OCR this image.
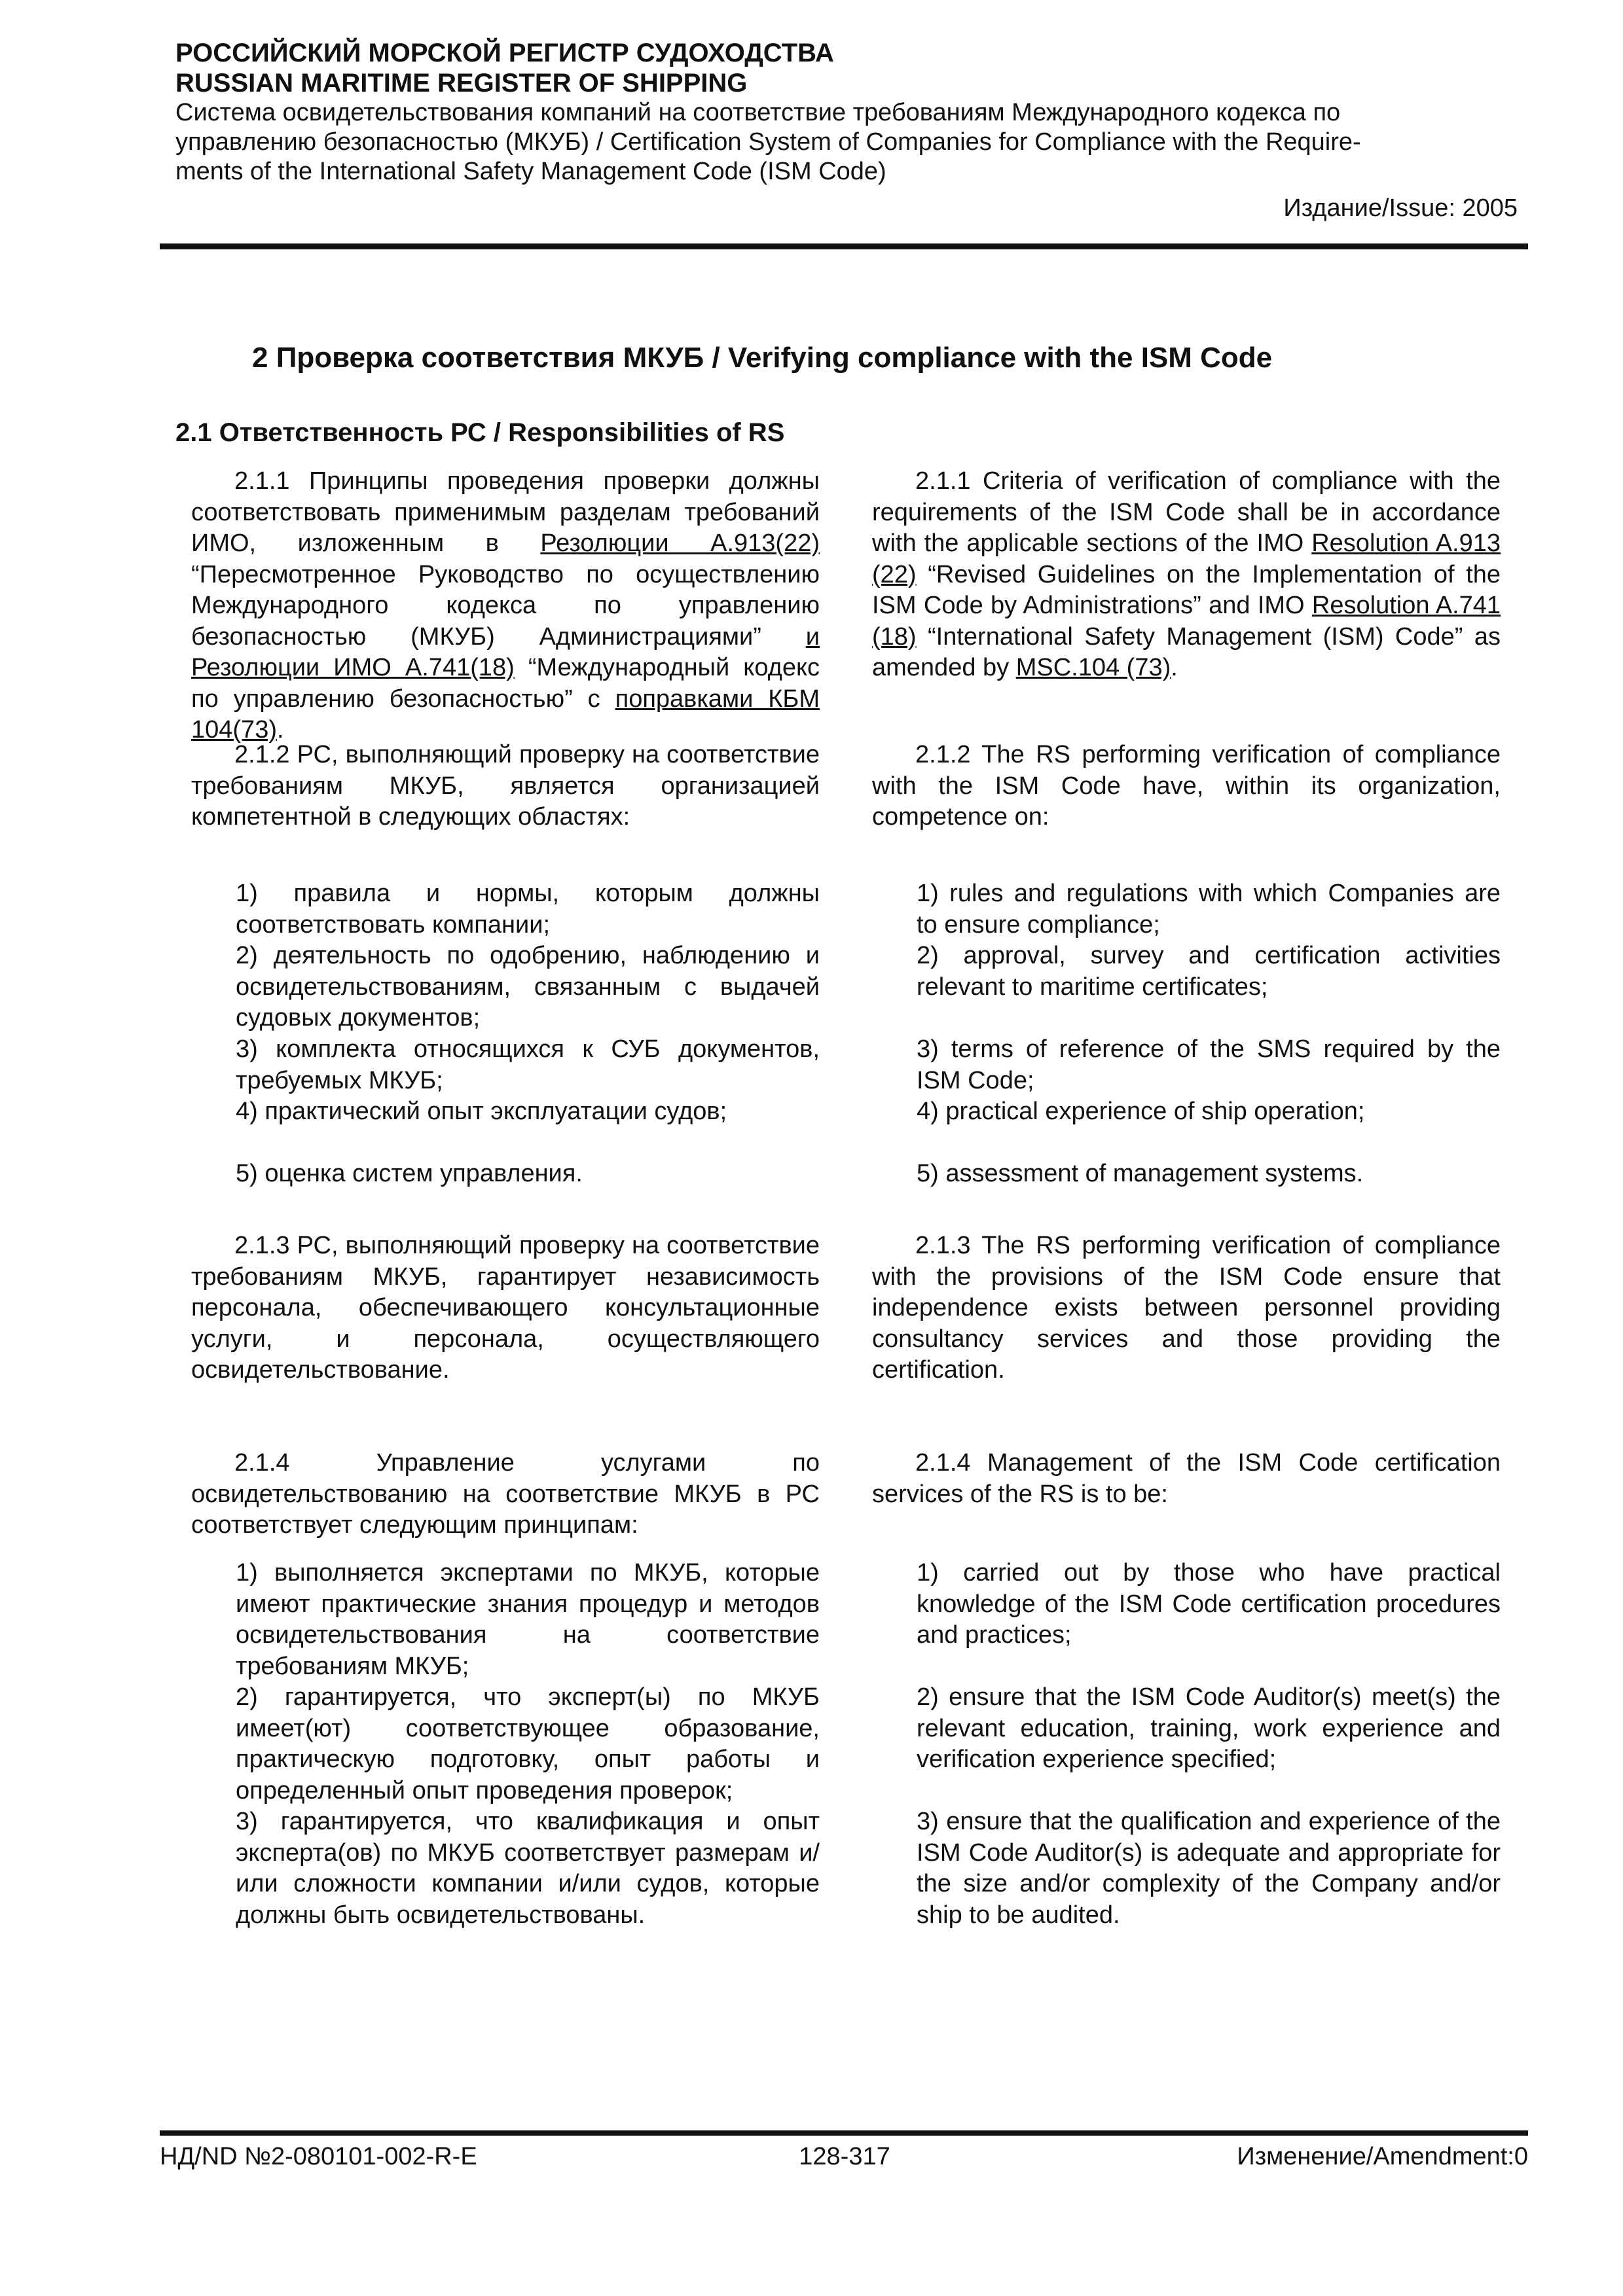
РОССИЙСКИЙ МОРСКОЙ РЕГИСТР СУДОХОДСТВА

RUSSIAN MARITIME REGISTER OF SHIPPING

Система освидетельствования компаний на соответствие требованиям Международного кодекса по

управлению безопасностью (МКУБ) / Certification System of Companies for Compliance with the Require-

ments of the International Safety Management Code (ISM Code)

Издание/Issue: 2005
2 Проверка соответствия МКУБ / Verifying compliance with the ISM Code
2.1 Ответственность РС / Responsibilities of RS

2.1.1 Принципы проведения проверки должны соответствовать применимым разделам требований ИМО, изложенным в Резолюции А.913(22) “Пересмотренное Руководство по осуществлению Международного кодекса по управлению безопасностью (МКУБ) Администрациями” и Резолюции ИМО А.741(18) “Международный кодекс по управлению безопасностью” с поправками КБМ 104(73).

2.1.1 Criteria of verification of compliance with the requirements of the ISM Code shall be in accordance with the applicable sections of the IMO Resolution A.913 (22) “Revised Guidelines on the Implementation of the ISM Code by Administrations” and IMO Resolution A.741 (18) “International Safety Management (ISM) Code” as amended by MSC.104 (73).

2.1.2 РС, выполняющий проверку на соответствие требованиям МКУБ, является организацией компетентной в следующих областях:

2.1.2 The RS performing verification of compliance with the ISM Code have, within its organization, competence on:

1) правила и нормы, которым должны соответствовать компании;

2) деятельность по одобрению, наблюдению и освидетельствованиям, связанным с выдачей судовых документов;

3) комплекта относящихся к СУБ документов, требуемых МКУБ;

4) практический опыт эксплуатации судов;

5) оценка систем управления.

1) rules and regulations with which Companies are to ensure compliance;

2) approval, survey and certification activities relevant to maritime certificates;

3) terms of reference of the SMS required by the ISM Code;

4) practical experience of ship operation;

5) assessment of management systems.

2.1.3 РС, выполняющий проверку на соответствие требованиям МКУБ, гарантирует независимость персонала, обеспечивающего консультационные услуги, и персонала, осуществляющего освидетельствование.

2.1.3 The RS performing verification of compliance with the provisions of the ISM Code ensure that independence exists between personnel providing consultancy services and those providing the certification.

2.1.4 Управление услугами по освидетельствованию на соответствие МКУБ в РС соответствует следующим принципам:

2.1.4 Management of the ISM Code certification services of the RS is to be:

1) выполняется экспертами по МКУБ, которые имеют практические знания процедур и методов освидетельствования на соответствие требованиям МКУБ;

2) гарантируется, что эксперт(ы) по МКУБ имеет(ют) соответствующее образование, практическую подготовку, опыт работы и определенный опыт проведения проверок;

3) гарантируется, что квалификация и опыт эксперта(ов) по МКУБ соответствует размерам и/или сложности компании и/или судов, которые должны быть освидетельствованы.

1) carried out by those who have practical knowledge of the ISM Code certification procedures and practices;

2) ensure that the ISM Code Auditor(s) meet(s) the relevant education, training, work experience and verification experience specified;

3) ensure that the qualification and experience of the ISM Code Auditor(s) is adequate and appropriate for the size and/or complexity of the Company and/or ship to be audited.

НД/ND №2-080101-002-R-E	128-317	Изменение/Amendment:0
